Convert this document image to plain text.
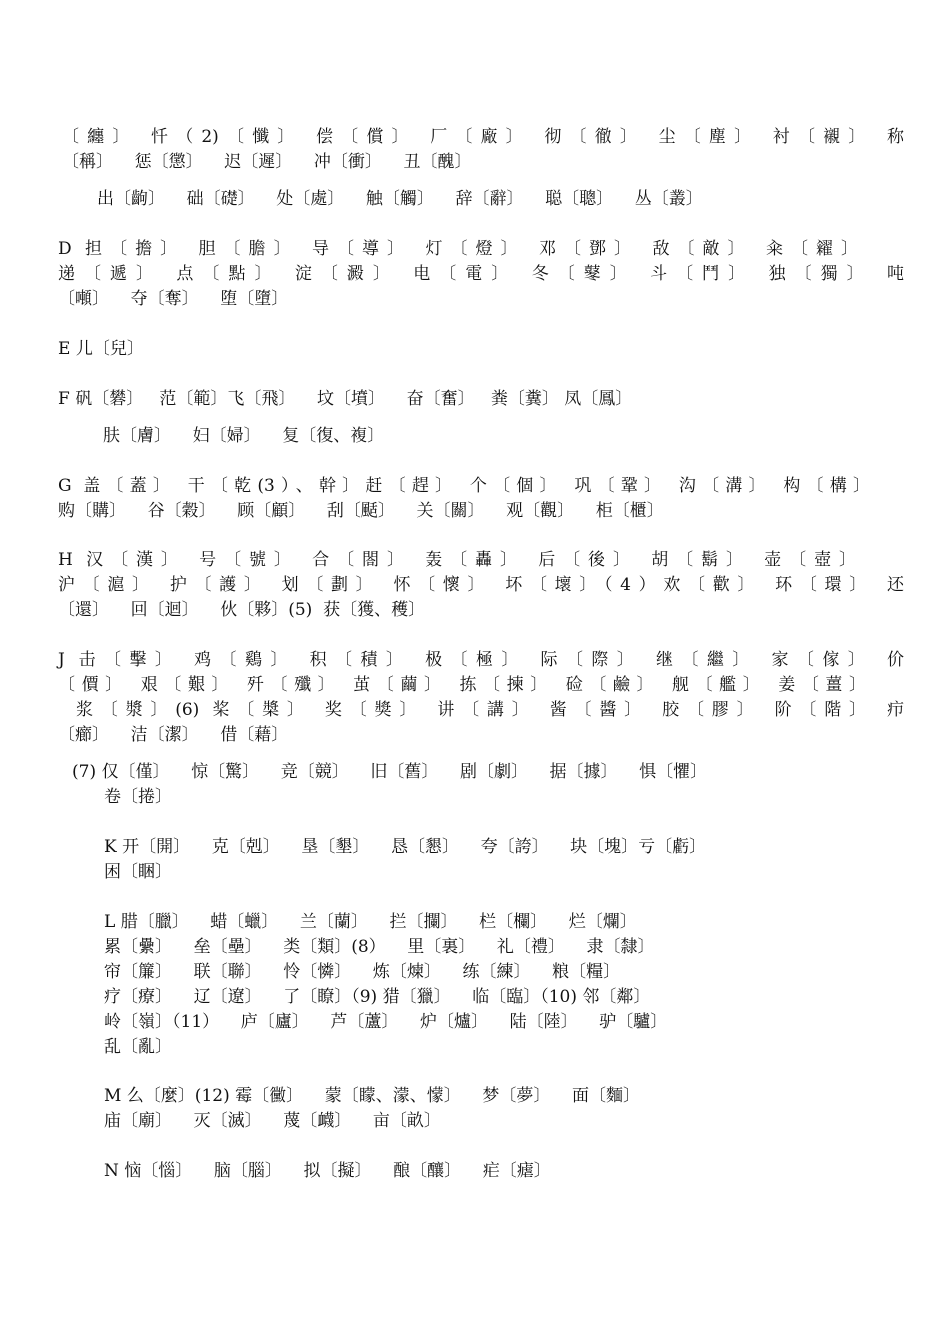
〔纏〕 忏（2)〔懺〕 偿〔償〕 厂〔廠〕 彻〔徹〕 尘〔塵〕 衬〔襯〕 称
〔稱〕    惩〔懲〕    迟〔遲〕    冲〔衝〕    丑〔醜〕
出〔齣〕    础〔礎〕    处〔處〕    触〔觸〕    辞〔辭〕    聪〔聰〕    丛〔叢〕
D 担〔擔〕 胆〔膽〕 导〔導〕 灯〔燈〕 邓〔鄧〕 敌〔敵〕 籴〔糴〕
递〔遞〕 点〔點〕 淀〔澱〕 电〔電〕 冬〔鼕〕 斗〔鬥〕 独〔獨〕 吨
〔噸〕    夺〔奪〕    堕〔墮〕
E 儿〔兒〕
F 矾〔礬〕   范〔範〕飞〔飛〕    坟〔墳〕    奋〔奮〕   粪〔糞〕 凤〔鳳〕
肤〔膚〕    妇〔婦〕    复〔復、複〕
G 盖〔蓋〕 干〔乾(3）、幹〕赶〔趕〕 个〔個〕 巩〔鞏〕 沟〔溝〕 构〔構〕
购〔購〕    谷〔穀〕    顾〔顧〕    刮〔颳〕    关〔關〕    观〔觀〕    柜〔櫃〕
H 汉〔漢〕 号〔號〕 合〔閤〕 轰〔轟〕 后〔後〕 胡〔鬍〕 壶〔壺〕
沪〔滬〕 护〔護〕 划〔劃〕 怀〔懷〕 坏〔壞〕（4）欢〔歡〕 环〔環〕 还
〔還〕    回〔迴〕    伙〔夥〕(5)  获〔獲、穫〕
J 击〔擊〕 鸡〔鷄〕 积〔積〕 极〔極〕 际〔際〕 继〔繼〕 家〔傢〕 价
〔價〕 艰〔艱〕 歼〔殲〕 茧〔繭〕 拣〔揀〕 硷〔鹼〕 舰〔艦〕 姜〔薑〕
浆〔漿〕(6) 桨〔槳〕 奖〔獎〕 讲〔講〕 酱〔醬〕 胶〔膠〕 阶〔階〕 疖
〔癤〕    洁〔潔〕    借〔藉〕
(7) 仅〔僅〕    惊〔驚〕    竞〔競〕    旧〔舊〕    剧〔劇〕    据〔據〕    惧〔懼〕
卷〔捲〕
K 开〔開〕    克〔剋〕    垦〔墾〕    恳〔懇〕    夸〔誇〕    块〔塊〕亏〔虧〕
困〔睏〕
L 腊〔臘〕    蜡〔蠟〕    兰〔蘭〕    拦〔攔〕    栏〔欄〕    烂〔爛〕
累〔纍〕    垒〔壘〕    类〔類〕(8）    里〔裏〕    礼〔禮〕    隶〔隸〕
帘〔簾〕    联〔聯〕    怜〔憐〕    炼〔煉〕    练〔練〕    粮〔糧〕
疗〔療〕    辽〔遼〕    了〔瞭〕（9) 猎〔獵〕    临〔臨〕（10) 邻〔鄰〕
岭〔嶺〕（11）    庐〔廬〕    芦〔蘆〕    炉〔爐〕    陆〔陸〕    驴〔驢〕
乱〔亂〕
M 么〔麼〕(12) 霉〔黴〕    蒙〔矇、濛、懞〕    梦〔夢〕    面〔麵〕
庙〔廟〕    灭〔滅〕    蔑〔衊〕    亩〔畝〕
N 恼〔惱〕    脑〔腦〕    拟〔擬〕    酿〔釀〕    疟〔瘧〕
